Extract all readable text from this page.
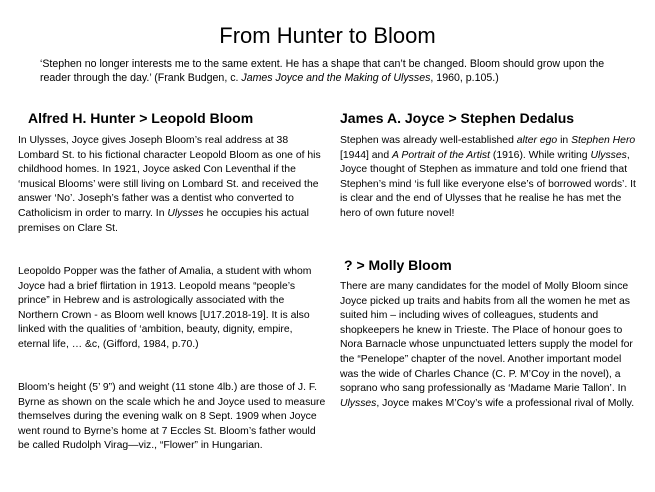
From Hunter to Bloom
‘Stephen no longer interests me to the same extent. He has a shape that can’t be changed. Bloom should grow upon the reader through the day.’ (Frank Budgen, c. James Joyce and the Making of Ulysses, 1960, p.105.)
Alfred H. Hunter > Leopold Bloom
In Ulysses, Joyce gives Joseph Bloom’s real address at 38 Lombard St. to his fictional character Leopold Bloom as one of his childhood homes. In 1921, Joyce asked Con Leventhal if the ‘musical Blooms’ were still living on Lombard St. and received the answer ‘No’. Joseph’s father was a dentist who converted to Catholicism in order to marry. In Ulysses he occupies his actual premises on Clare St.
Leopoldo Popper was the father of Amalia, a student with whom Joyce had a brief flirtation in 1913. Leopold means “people’s prince” in Hebrew and is astrologically associated with the Northern Crown - as Bloom well knows [U17.2018-19]. It is also linked with the qualities of ‘ambition, beauty, dignity, empire, eternal life, … &c, (Gifford, 1984, p.70.)
Bloom’s height (5’ 9”) and weight (11 stone 4lb.) are those of J. F. Byrne as shown on the scale which he and Joyce used to measure themselves during the evening walk on 8 Sept. 1909 when Joyce went round to Byrne’s home at 7 Eccles St. Bloom’s father would be called Rudolph Virag—viz., “Flower” in Hungarian.
James A. Joyce > Stephen Dedalus
Stephen was already well-established alter ego in Stephen Hero [1944] and A Portrait of the Artist (1916). While writing Ulysses, Joyce thought of Stephen as immature and told one friend that Stephen’s mind ‘is full like everyone else’s of borrowed words’. It is clear and the end of Ulysses that he realise he has met the hero of own future novel!
? > Molly Bloom
There are many candidates for the model of Molly Bloom since Joyce picked up traits and habits from all the women he met as suited him – including wives of colleagues, students and shopkeepers he knew in Trieste. The Place of honour goes to Nora Barnacle whose unpunctuated letters supply the model for the “Penelope” chapter of the novel. Another important model was the wide of Charles Chance (C. P. M’Coy in the novel), a soprano who sang professionally as ‘Madame Marie Tallon’. In Ulysses, Joyce makes M’Coy’s wife a professional rival of Molly.
